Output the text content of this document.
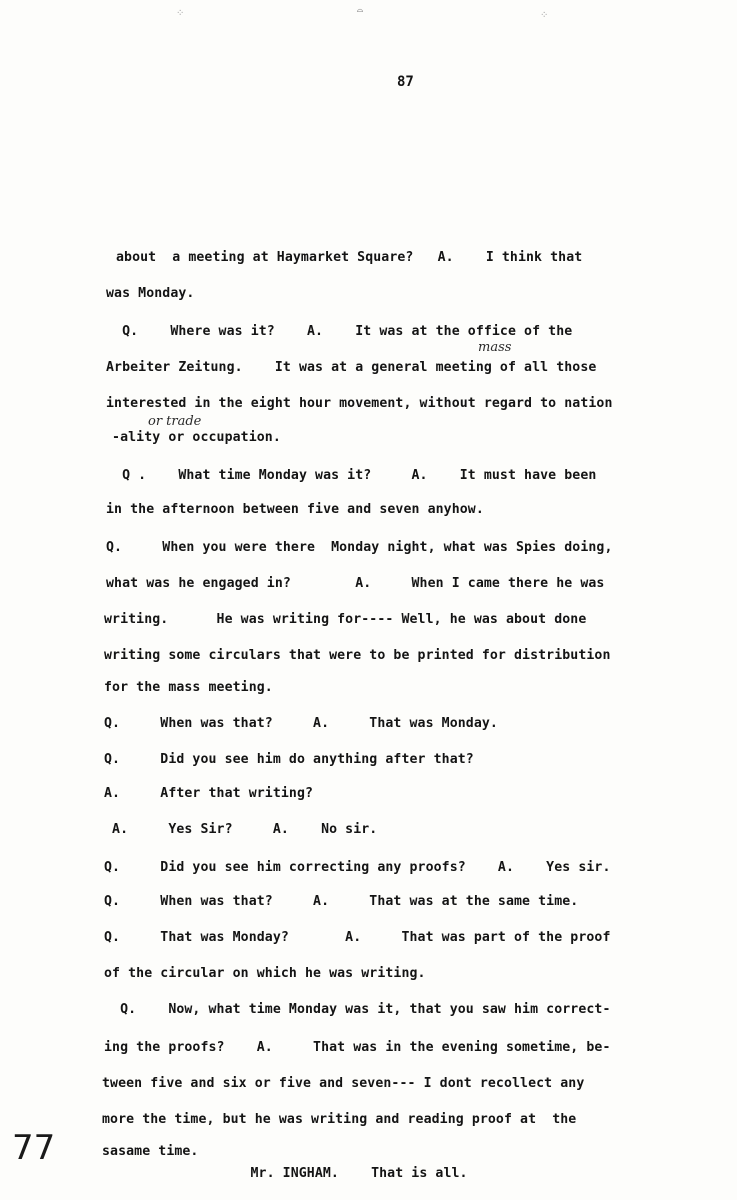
⁘	⌓	⁘
87
mass
or trade
about  a meeting at Haymarket Square?   A.    I think that
was Monday.
Q.    Where was it?    A.    It was at the office of the
Arbeiter Zeitung.    It was at a general meeting of all those
interested in the eight hour movement, without regard to nation
-ality or occupation.
Q .    What time Monday was it?     A.    It must have been
in the afternoon between five and seven anyhow.
Q.     When you were there  Monday night, what was Spies doing,
what was he engaged in?        A.     When I came there he was
writing.      He was writing for---- Well, he was about done
writing some circulars that were to be printed for distribution
for the mass meeting.
Q.     When was that?     A.     That was Monday.
Q.     Did you see him do anything after that?
A.     After that writing?
A.     Yes Sir?     A.    No sir.
Q.     Did you see him correcting any proofs?    A.    Yes sir.
Q.     When was that?     A.     That was at the same time.
Q.     That was Monday?       A.     That was part of the proof
of the circular on which he was writing.
Q.    Now, what time Monday was it, that you saw him correct-
ing the proofs?    A.     That was in the evening sometime, be-
tween five and six or five and seven--- I dont recollect any
more the time, but he was writing and reading proof at  the
sasame time.
Mr. INGHAM.    That is all.
77
